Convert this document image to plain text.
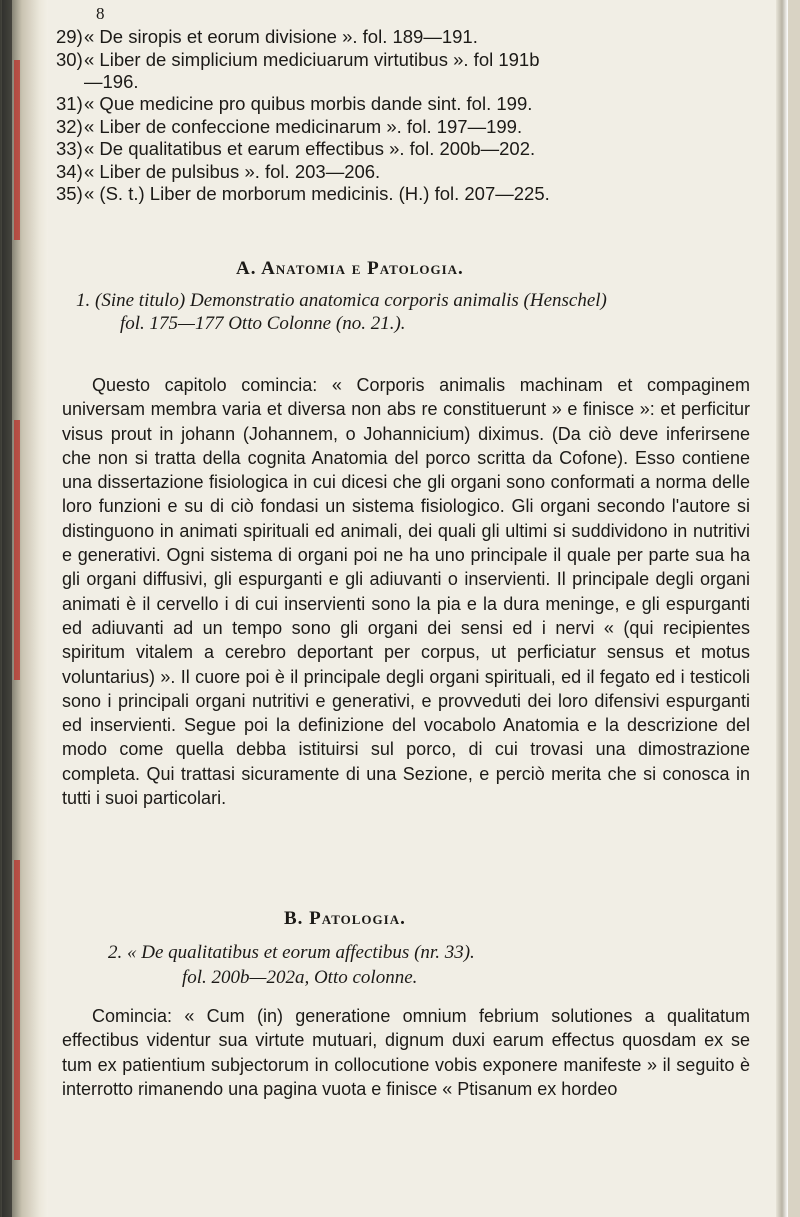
8
29) « De siropis et eorum divisione ». fol. 189—191.
30) « Liber de simplicium mediciuarum virtutibus ». fol 191b
—196.
31) « Que medicine pro quibus morbis dande sint. fol. 199.
32) « Liber de confeccione medicinarum ». fol. 197—199.
33) « De qualitatibus et earum effectibus ». fol. 200b—202.
34) « Liber de pulsibus ». fol. 203—206.
35) « (S. t.) Liber de morborum medicinis. (H.) fol. 207—225.
A. Anatomia e Patologia.
1. (Sine titulo) Demonstratio anatomica corporis animalis (Henschel)
fol. 175—177 Otto Colonne (no. 21.).
Questo capitolo comincia: « Corporis animalis machinam et compaginem universam membra varia et diversa non abs re constituerunt » e finisce »: et perficitur visus prout in johann (Johannem, o Johannicium) diximus. (Da ciò deve inferirsene che non si tratta della cognita Anatomia del porco scritta da Cofone). Esso contiene una dissertazione fisiologica in cui dicesi che gli organi sono conformati a norma delle loro funzioni e su di ciò fondasi un sistema fisiologico. Gli organi secondo l'autore si distinguono in animati spirituali ed animali, dei quali gli ultimi si suddividono in nutritivi e generativi. Ogni sistema di organi poi ne ha uno principale il quale per parte sua ha gli organi diffusivi, gli espurganti e gli adiuvanti o inservienti. Il principale degli organi animati è il cervello i di cui inservienti sono la pia e la dura meninge, e gli espurganti ed adiuvanti ad un tempo sono gli organi dei sensi ed i nervi « (qui recipientes spiritum vitalem a cerebro deportant per corpus, ut perficiatur sensus et motus voluntarius) ». Il cuore poi è il principale degli organi spirituali, ed il fegato ed i testicoli sono i principali organi nutritivi e generativi, e provveduti dei loro difensivi espurganti ed inservienti. Segue poi la definizione del vocabolo Anatomia e la descrizione del modo come quella debba istituirsi sul porco, di cui trovasi una dimostrazione completa. Qui trattasi sicuramente di una Sezione, e perciò merita che si conosca in tutti i suoi particolari.
B. Patologia.
2. « De qualitatibus et eorum affectibus (nr. 33).
fol. 200b—202a, Otto colonne.
Comincia: « Cum (in) generatione omnium febrium solutiones a qualitatum effectibus videntur sua virtute mutuari, dignum duxi earum effectus quosdam ex se tum ex patientium subjectorum in collocutione vobis exponere manifeste » il seguito è interrotto rimanendo una pagina vuota e finisce « Ptisanum ex hordeo
